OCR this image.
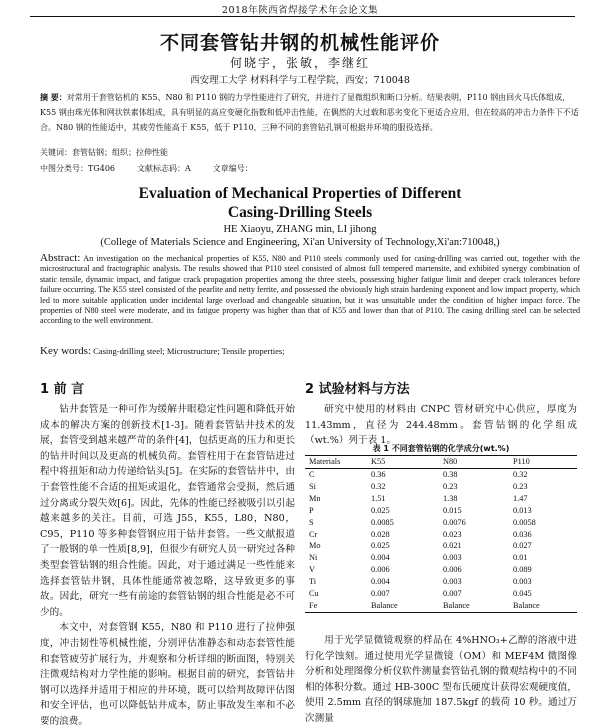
2018年陕西省焊接学术年会论文集
不同套管钻井钢的机械性能评价
何晓宇，张敏，李继红
西安理工大学 材料科学与工程学院，西安；710048
摘 要：对常用于套管钻机的 K55、N80 和 P110 钢的力学性能进行了研究，并进行了显微组织和断口分析。结果表明，P110 钢由回火马氏体组成，K55 钢由珠光体和网状铁素体组成，具有明显的高应变硬化指数和低冲击性能，在偶然的大过载和恶劣变化下更适合应用，但在较高的冲击力条件下不适合。N80 钢的性能适中，其疲劳性能高于 K55，低于 P110，三种不同的套管钻孔钢可根据井环境的服役选择。
关键词：套管钻钢；组织；拉伸性能
中图分类号：TG406	文献标志码：A	文章编号：
Evaluation of Mechanical Properties of Different
Casing-Drilling Steels
HE Xiaoyu, ZHANG min, LI jihong
(College of Materials Science and Engineering, Xi'an University of Technology,Xi'an:710048,)
Abstract: An investigation on the mechanical properties of K55, N80 and P110 steels commonly used for casing-drilling was carried out, together with the microstructural and fractographic analysis. The results showed that P110 steel consisted of almost full tempered martensite, and exhibited synergy combination of static tensile, dynamic impact, and fatigue crack propagation properties among the three steels, possessing higher fatigue limit and deeper crack tolerances before failure occurring. The K55 steel consisted of the pearlite and netty ferrite, and possessed the obviously high strain hardening exponent and low impact property, which led to more suitable application under incidental large overload and changeable situation, but it was unsuitable under the condition of higher impact force. The properties of N80 steel were moderate, and its fatigue property was higher than that of K55 and lower than that of P110. The casing drilling steel can be selected according to the well environment.
Key words: Casing-drilling steel; Microstructure; Tensile properties;
1 前 言

钻井套管是一种可作为缓解井眼稳定性问题和降低开始成本的解决方案的创新技术[1-3]。随着套管钻井技术的发展，套管受到越来越严苛的条件[4]，包括更高的压力和更长的钻井时间以及更高的机械负荷。套管柱用于在套管钻进过程中将扭矩和动力传递给钻头[5]。在实际的套管钻井中，由于套管性能不合适的扭矩或退化，套管通常会受损，然后通过分离或分裂失效[6]。因此，先体的性能已经被吸引以引起越来越多的关注。目前，可选 J55，K55，L80，N80，C95，P110 等多种套管钢应用于钻井套管。一些文献报道了一般钢的单一性质[8,9]，但很少有研究人员一研究过各种类型套管钻钢的组合性能。因此，对于通过满足一些性能来选择套管钻井钢，具体性能通常被忽略，这导致更多的事故。因此，研究一些有前途的套管钻钢的组合性能是必不可少的。

本文中，对套管钢 K55，N80 和 P110 进行了拉伸强度，冲击韧性等机械性能，分别评估准静态和动态套管性能和套管疲劳扩展行为，并观察和分析详细的断面图，特别关注微观结构对力学性能的影响。根据目前的研究，套管钻井钢可以选择并适用于相应的井环境，既可以给判故障评估图和安全评估，也可以降低钻井成本，防止事故发生率和不必要的浪费。

2 试验材料与方法

研究中使用的材料由 CNPC 管材研究中心供应，厚度为 11.43mm，直径为 244.48mm。套管钻钢的化学组成（wt.%）列于表 1。

表 1 不同套管钻钢的化学成分(wt.%)
Materials	K55	N80	P110
C	0.36	0.38	0.32
Si	0.32	0.23	0.23
Mn	1.51	1.38	1.47
P	0.025	0.015	0.013
S	0.0085	0.0076	0.0058
Cr	0.028	0.023	0.036
Mo	0.025	0.021	0.027
Ni	0.004	0.003	0.01
V	0.006	0.006	0.089
Ti	0.004	0.003	0.003
Cu	0.007	0.007	0.045
Fe	Balance	Balance	Balance

用于光学显微镜观察的样品在 4%HNO₃+乙醇的溶液中进行化学蚀刻。通过使用光学显微镜（OM）和 MEF4M 微图像分析和处理图像分析仪软件测量套管钻孔钢的微观结构中的不同相的体积分数。通过 HB-300C 型布氏硬度计获得宏观硬度值，使用 2.5mm 直径的钢球施加 187.5kgf 的载荷 10 秒。通过万次测量
